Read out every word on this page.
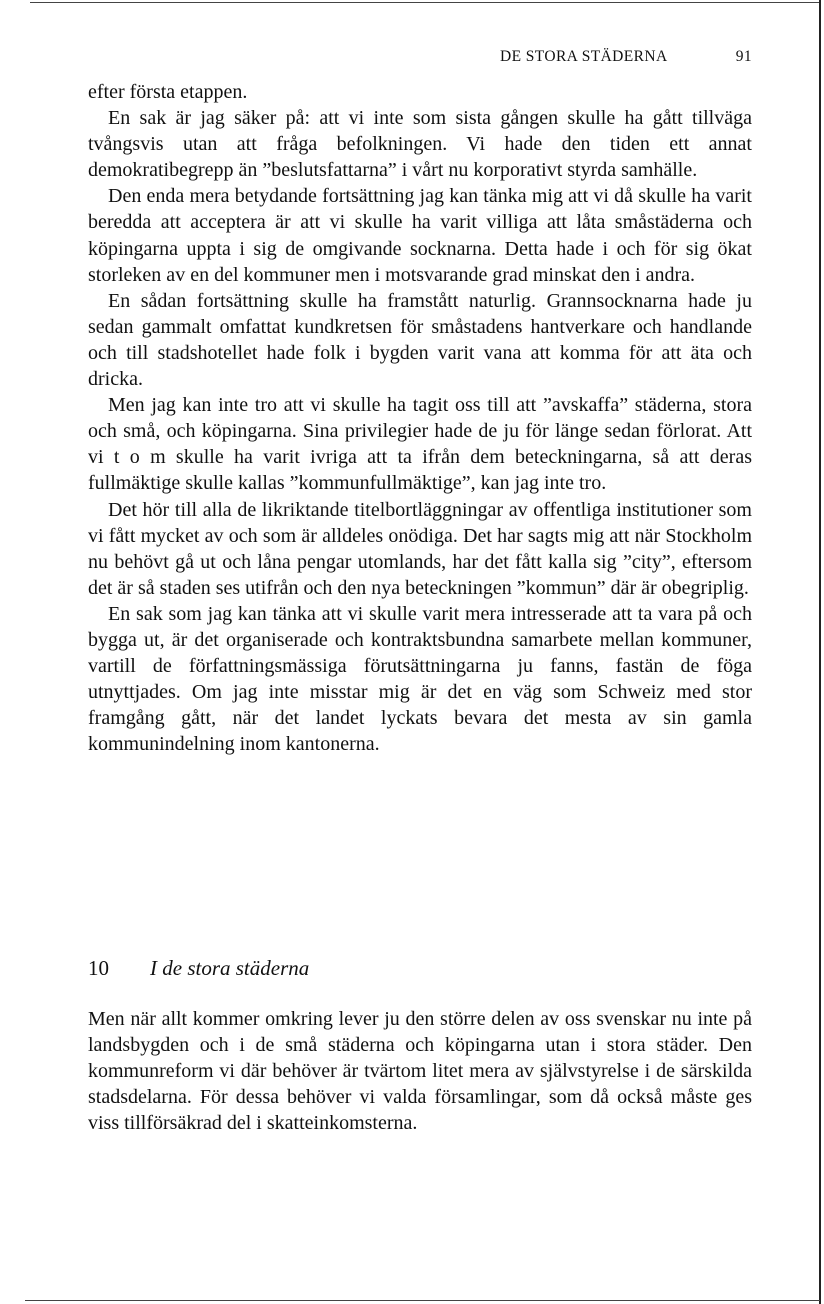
DE STORA STÄDERNA	91

efter första etappen.

En sak är jag säker på: att vi inte som sista gången skulle ha gått tillväga tvångsvis utan att fråga befolkningen. Vi hade den tiden ett annat demokratibegrepp än ”beslutsfattarna” i vårt nu korporativt styrda samhälle.

Den enda mera betydande fortsättning jag kan tänka mig att vi då skulle ha varit beredda att acceptera är att vi skulle ha varit villiga att låta småstäderna och köpingarna uppta i sig de omgivande socknarna. Detta hade i och för sig ökat storleken av en del kommuner men i motsvarande grad minskat den i andra.

En sådan fortsättning skulle ha framstått naturlig. Grannsocknarna hade ju sedan gammalt omfattat kundkretsen för småstadens hantverkare och handlande och till stadshotellet hade folk i bygden varit vana att komma för att äta och dricka.

Men jag kan inte tro att vi skulle ha tagit oss till att ”avskaffa” städerna, stora och små, och köpingarna. Sina privilegier hade de ju för länge sedan förlorat. Att vi t o m skulle ha varit ivriga att ta ifrån dem beteckningarna, så att deras fullmäktige skulle kallas ”kommunfullmäktige”, kan jag inte tro.

Det hör till alla de likriktande titelbortläggningar av offentliga institutioner som vi fått mycket av och som är alldeles onödiga. Det har sagts mig att när Stockholm nu behövt gå ut och låna pengar utomlands, har det fått kalla sig ”city”, eftersom det är så staden ses utifrån och den nya beteckningen ”kommun” där är obegriplig.

En sak som jag kan tänka att vi skulle varit mera intresserade att ta vara på och bygga ut, är det organiserade och kontraktsbundna samarbete mellan kommuner, vartill de författningsmässiga förutsättningarna ju fanns, fastän de föga utnyttjades. Om jag inte misstar mig är det en väg som Schweiz med stor framgång gått, när det landet lyckats bevara det mesta av sin gamla kommunindelning inom kantonerna.

10	I de stora städerna

Men när allt kommer omkring lever ju den större delen av oss svenskar nu inte på landsbygden och i de små städerna och köpingarna utan i stora städer. Den kommunreform vi där behöver är tvärtom litet mera av självstyrelse i de särskilda stadsdelarna. För dessa behöver vi valda församlingar, som då också måste ges viss tillförsäkrad del i skatteinkomsterna.
